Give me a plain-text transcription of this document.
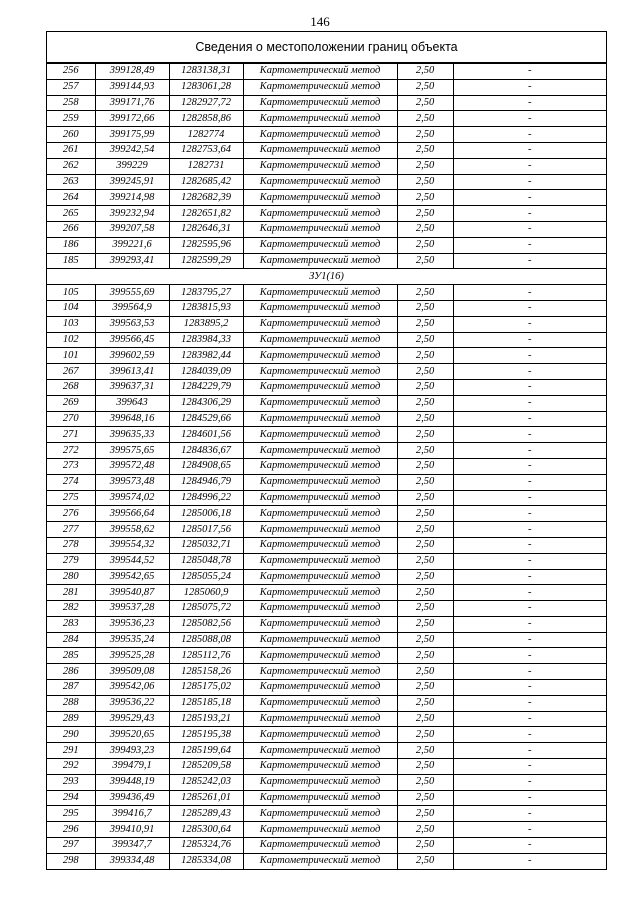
146
Сведения о местоположении границ объекта
256	399128,49	1283138,31	Картометрический метод	2,50	-
257	399144,93	1283061,28	Картометрический метод	2,50	-
258	399171,76	1282927,72	Картометрический метод	2,50	-
259	399172,66	1282858,86	Картометрический метод	2,50	-
260	399175,99	1282774	Картометрический метод	2,50	-
261	399242,54	1282753,64	Картометрический метод	2,50	-
262	399229	1282731	Картометрический метод	2,50	-
263	399245,91	1282685,42	Картометрический метод	2,50	-
264	399214,98	1282682,39	Картометрический метод	2,50	-
265	399232,94	1282651,82	Картометрический метод	2,50	-
266	399207,58	1282646,31	Картометрический метод	2,50	-
186	399221,6	1282595,96	Картометрический метод	2,50	-
185	399293,41	1282599,29	Картометрический метод	2,50	-
ЗУ1(16)					
105	399555,69	1283795,27	Картометрический метод	2,50	-
104	399564,9	1283815,93	Картометрический метод	2,50	-
103	399563,53	1283895,2	Картометрический метод	2,50	-
102	399566,45	1283984,33	Картометрический метод	2,50	-
101	399602,59	1283982,44	Картометрический метод	2,50	-
267	399613,41	1284039,09	Картометрический метод	2,50	-
268	399637,31	1284229,79	Картометрический метод	2,50	-
269	399643	1284306,29	Картометрический метод	2,50	-
270	399648,16	1284529,66	Картометрический метод	2,50	-
271	399635,33	1284601,56	Картометрический метод	2,50	-
272	399575,65	1284836,67	Картометрический метод	2,50	-
273	399572,48	1284908,65	Картометрический метод	2,50	-
274	399573,48	1284946,79	Картометрический метод	2,50	-
275	399574,02	1284996,22	Картометрический метод	2,50	-
276	399566,64	1285006,18	Картометрический метод	2,50	-
277	399558,62	1285017,56	Картометрический метод	2,50	-
278	399554,32	1285032,71	Картометрический метод	2,50	-
279	399544,52	1285048,78	Картометрический метод	2,50	-
280	399542,65	1285055,24	Картометрический метод	2,50	-
281	399540,87	1285060,9	Картометрический метод	2,50	-
282	399537,28	1285075,72	Картометрический метод	2,50	-
283	399536,23	1285082,56	Картометрический метод	2,50	-
284	399535,24	1285088,08	Картометрический метод	2,50	-
285	399525,28	1285112,76	Картометрический метод	2,50	-
286	399509,08	1285158,26	Картометрический метод	2,50	-
287	399542,06	1285175,02	Картометрический метод	2,50	-
288	399536,22	1285185,18	Картометрический метод	2,50	-
289	399529,43	1285193,21	Картометрический метод	2,50	-
290	399520,65	1285195,38	Картометрический метод	2,50	-
291	399493,23	1285199,64	Картометрический метод	2,50	-
292	399479,1	1285209,58	Картометрический метод	2,50	-
293	399448,19	1285242,03	Картометрический метод	2,50	-
294	399436,49	1285261,01	Картометрический метод	2,50	-
295	399416,7	1285289,43	Картометрический метод	2,50	-
296	399410,91	1285300,64	Картометрический метод	2,50	-
297	399347,7	1285324,76	Картометрический метод	2,50	-
298	399334,48	1285334,08	Картометрический метод	2,50	-
